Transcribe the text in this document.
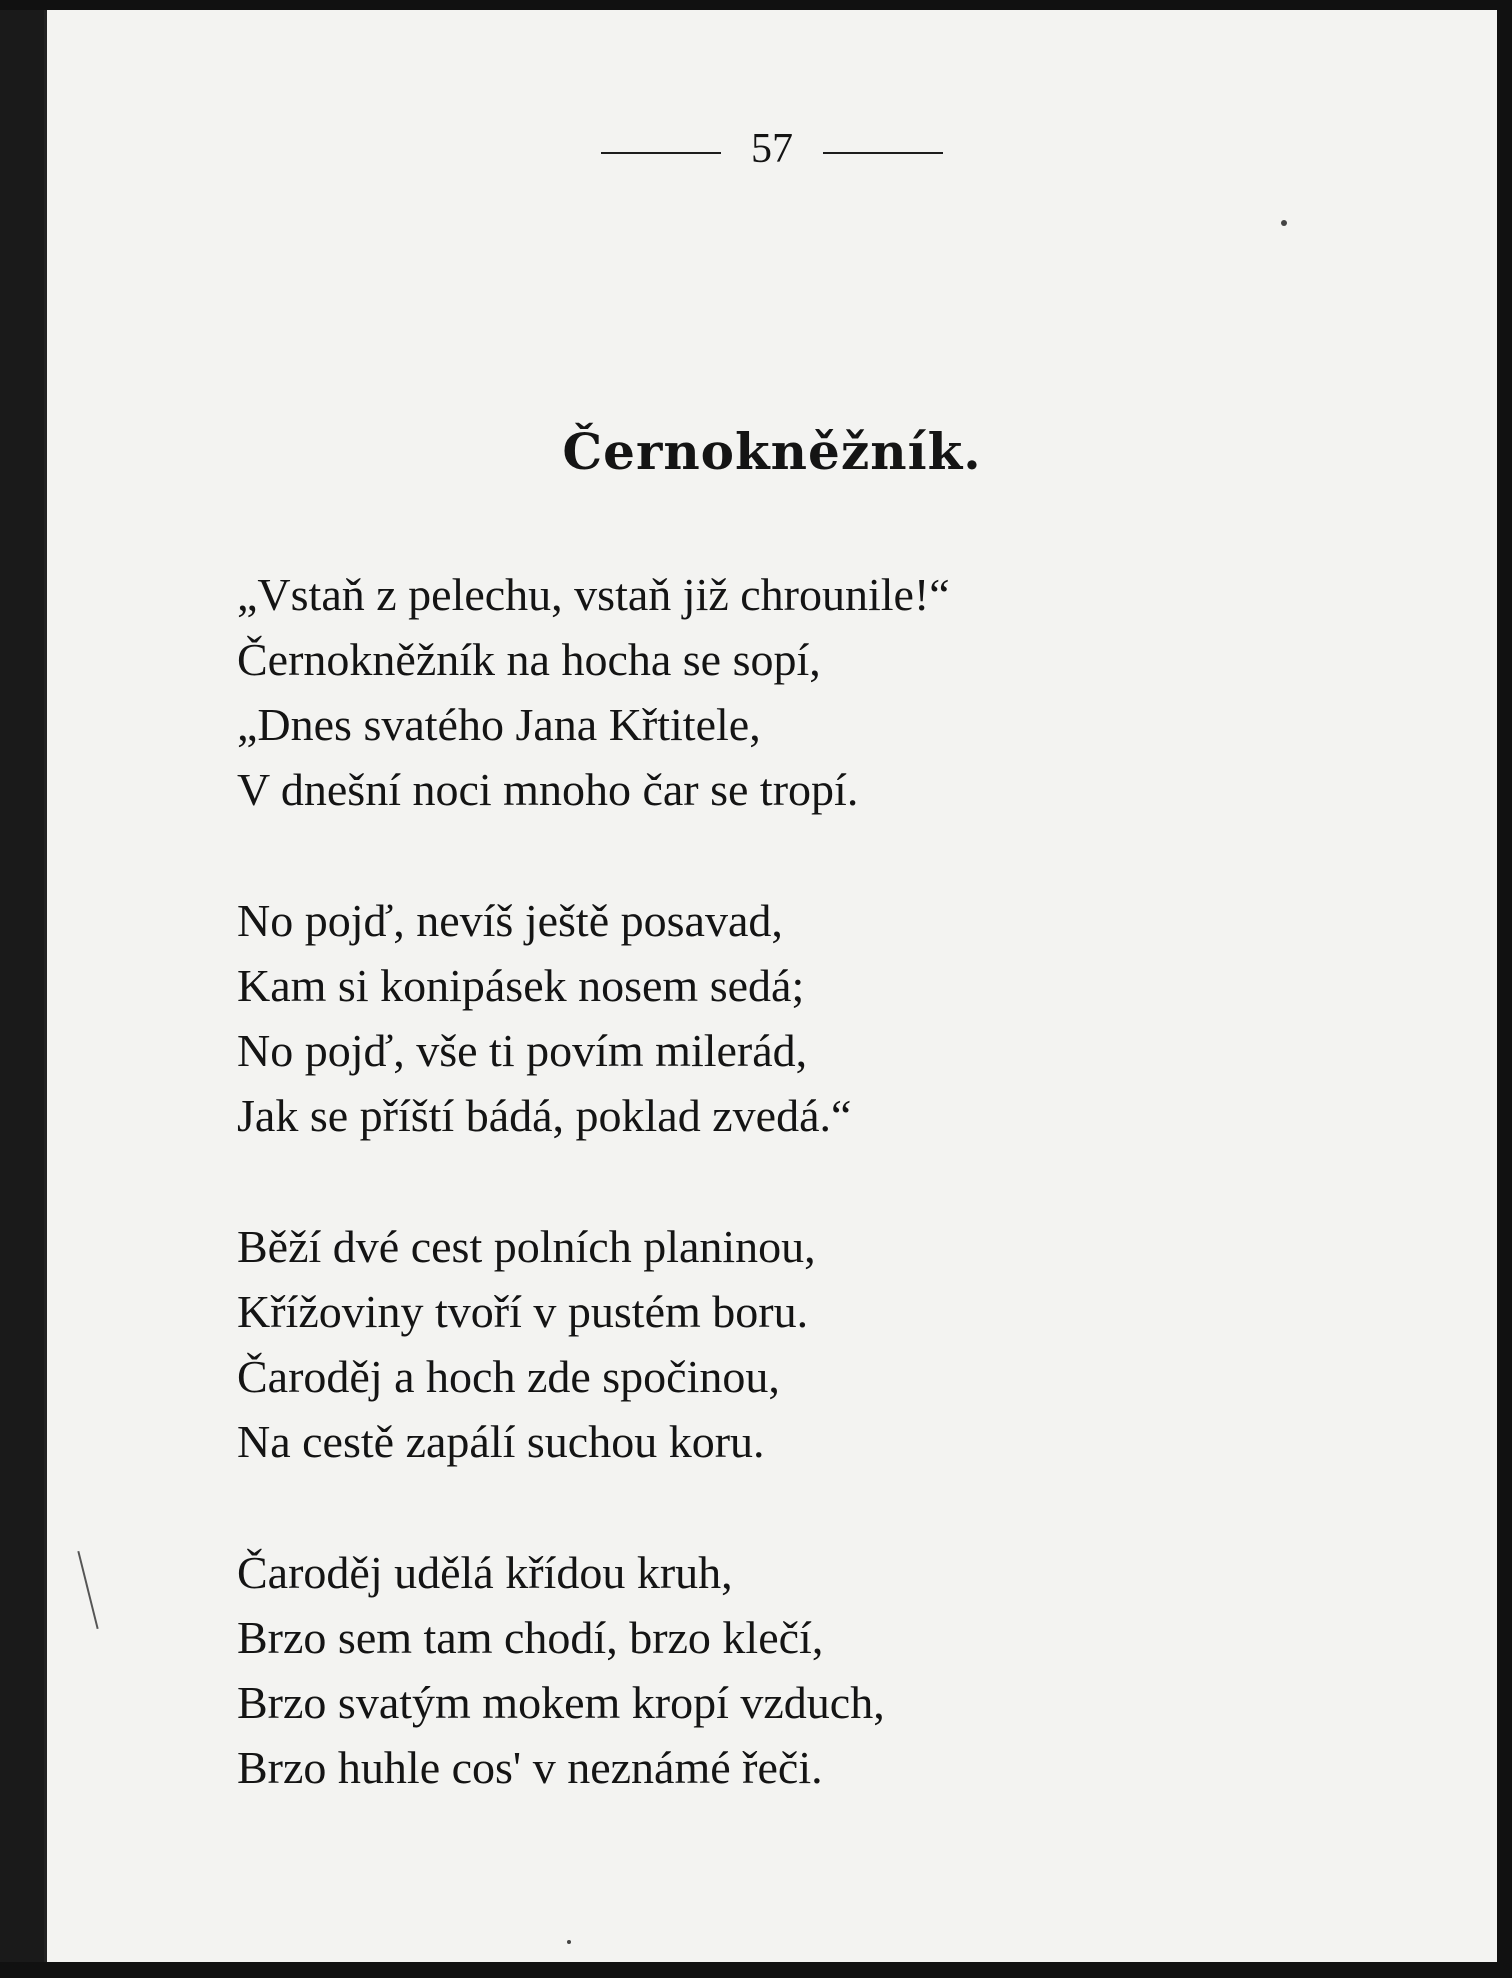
57
Černokněžník.
„Vstaň z pelechu, vstaň již chrounile!“
Černokněžník na hocha se sopí,
„Dnes svatého Jana Křtitele,
V dnešní noci mnoho čar se tropí.
No pojď, nevíš ještě posavad,
Kam si konipásek nosem sedá;
No pojď, vše ti povím milerád,
Jak se příští bádá, poklad zvedá.“
Běží dvé cest polních planinou,
Křížoviny tvoří v pustém boru.
Čaroděj a hoch zde spočinou,
Na cestě zapálí suchou koru.
Čaroděj udělá křídou kruh,
Brzo sem tam chodí, brzo klečí,
Brzo svatým mokem kropí vzduch,
Brzo huhle cos' v neznámé řeči.
